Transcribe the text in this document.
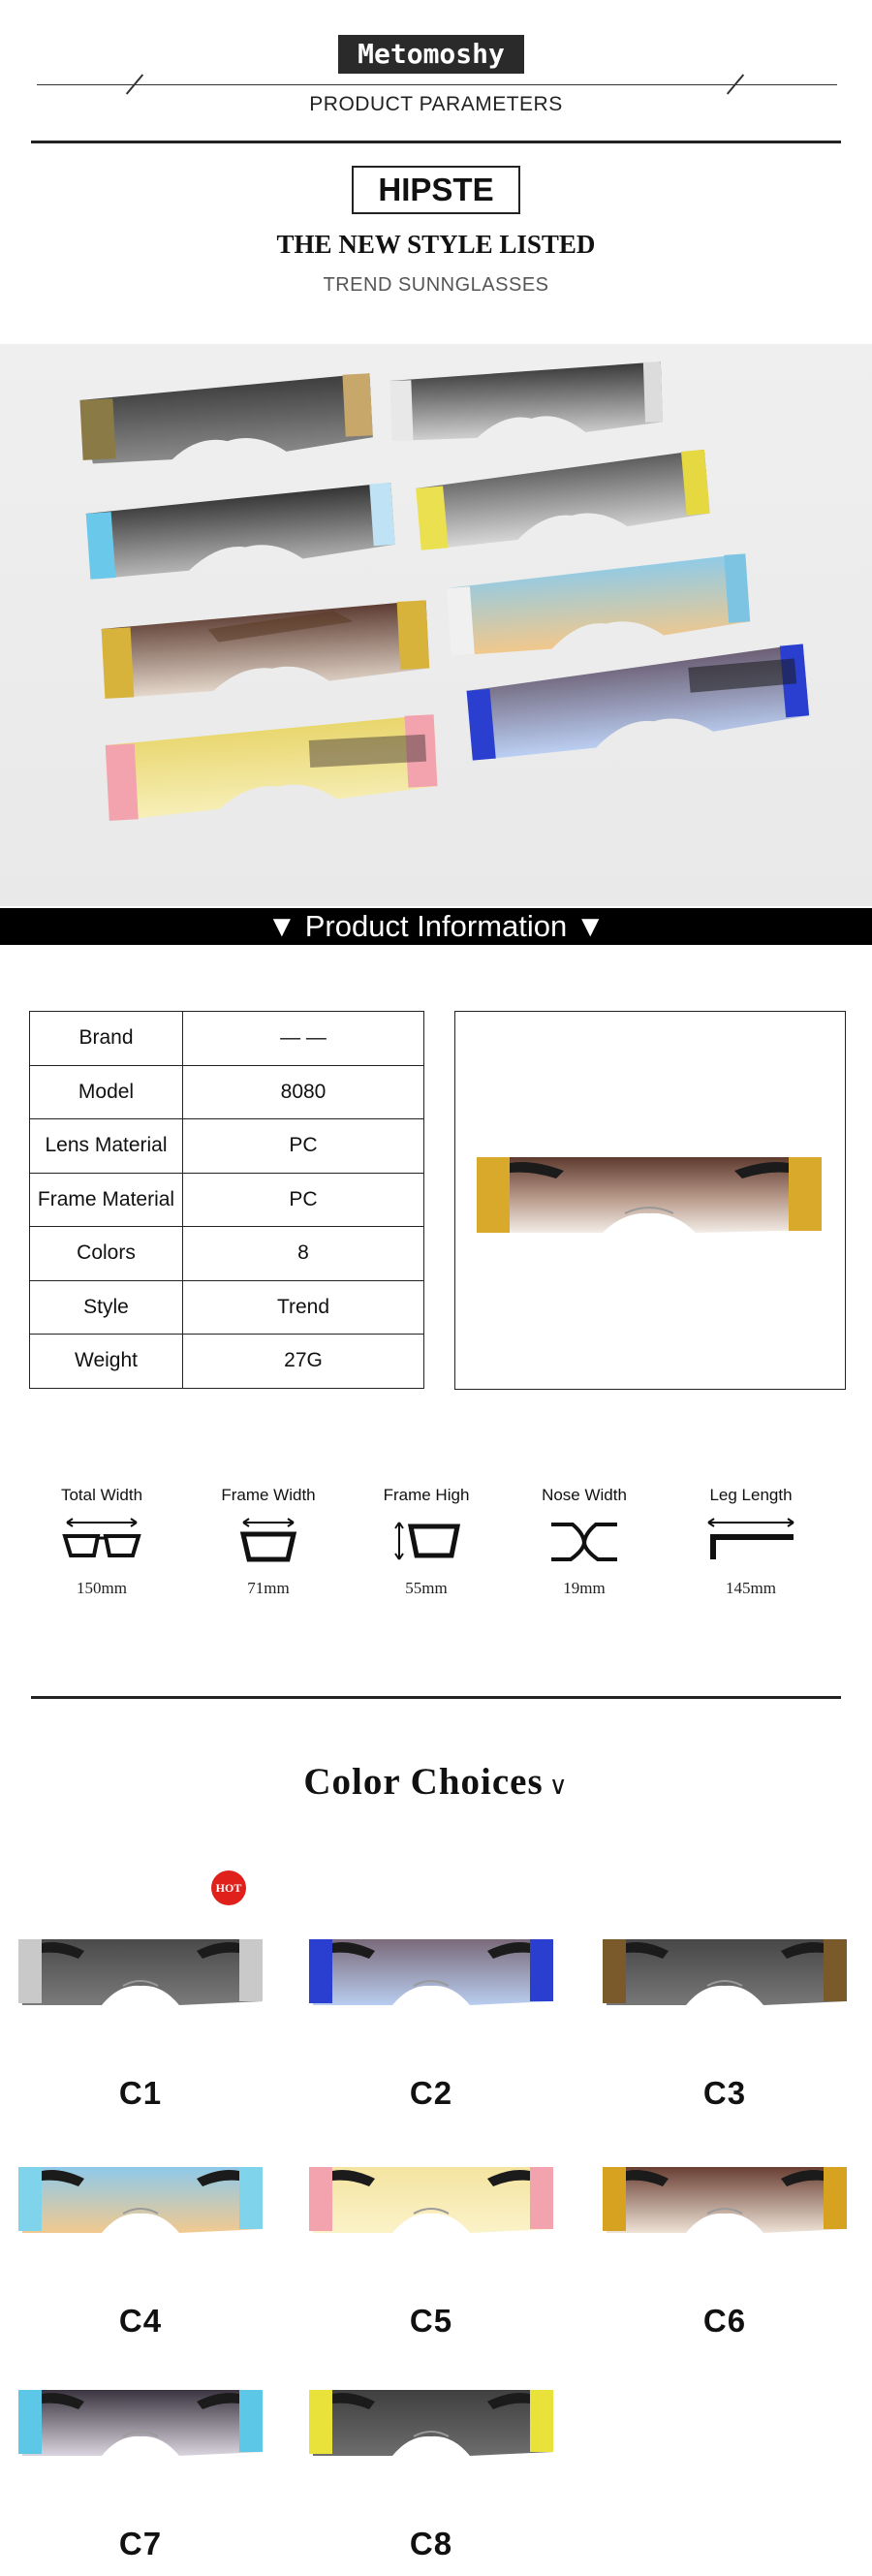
Metomoshy
PRODUCT PARAMETERS
HIPSTE
THE NEW STYLE LISTED
TREND SUNNGLASSES
▼ Product Information ▼
Brand	— —
Model	8080
Lens Material	PC
Frame Material	PC
Colors	8
Style	Trend
Weight	27G
Total Width
150mm
Frame Width
71mm
Frame High
55mm
Nose Width
19mm
Leg Length
145mm
Color Choices ∨
HOT
C1	C2	C3
C4	C5	C6
C7	C8
